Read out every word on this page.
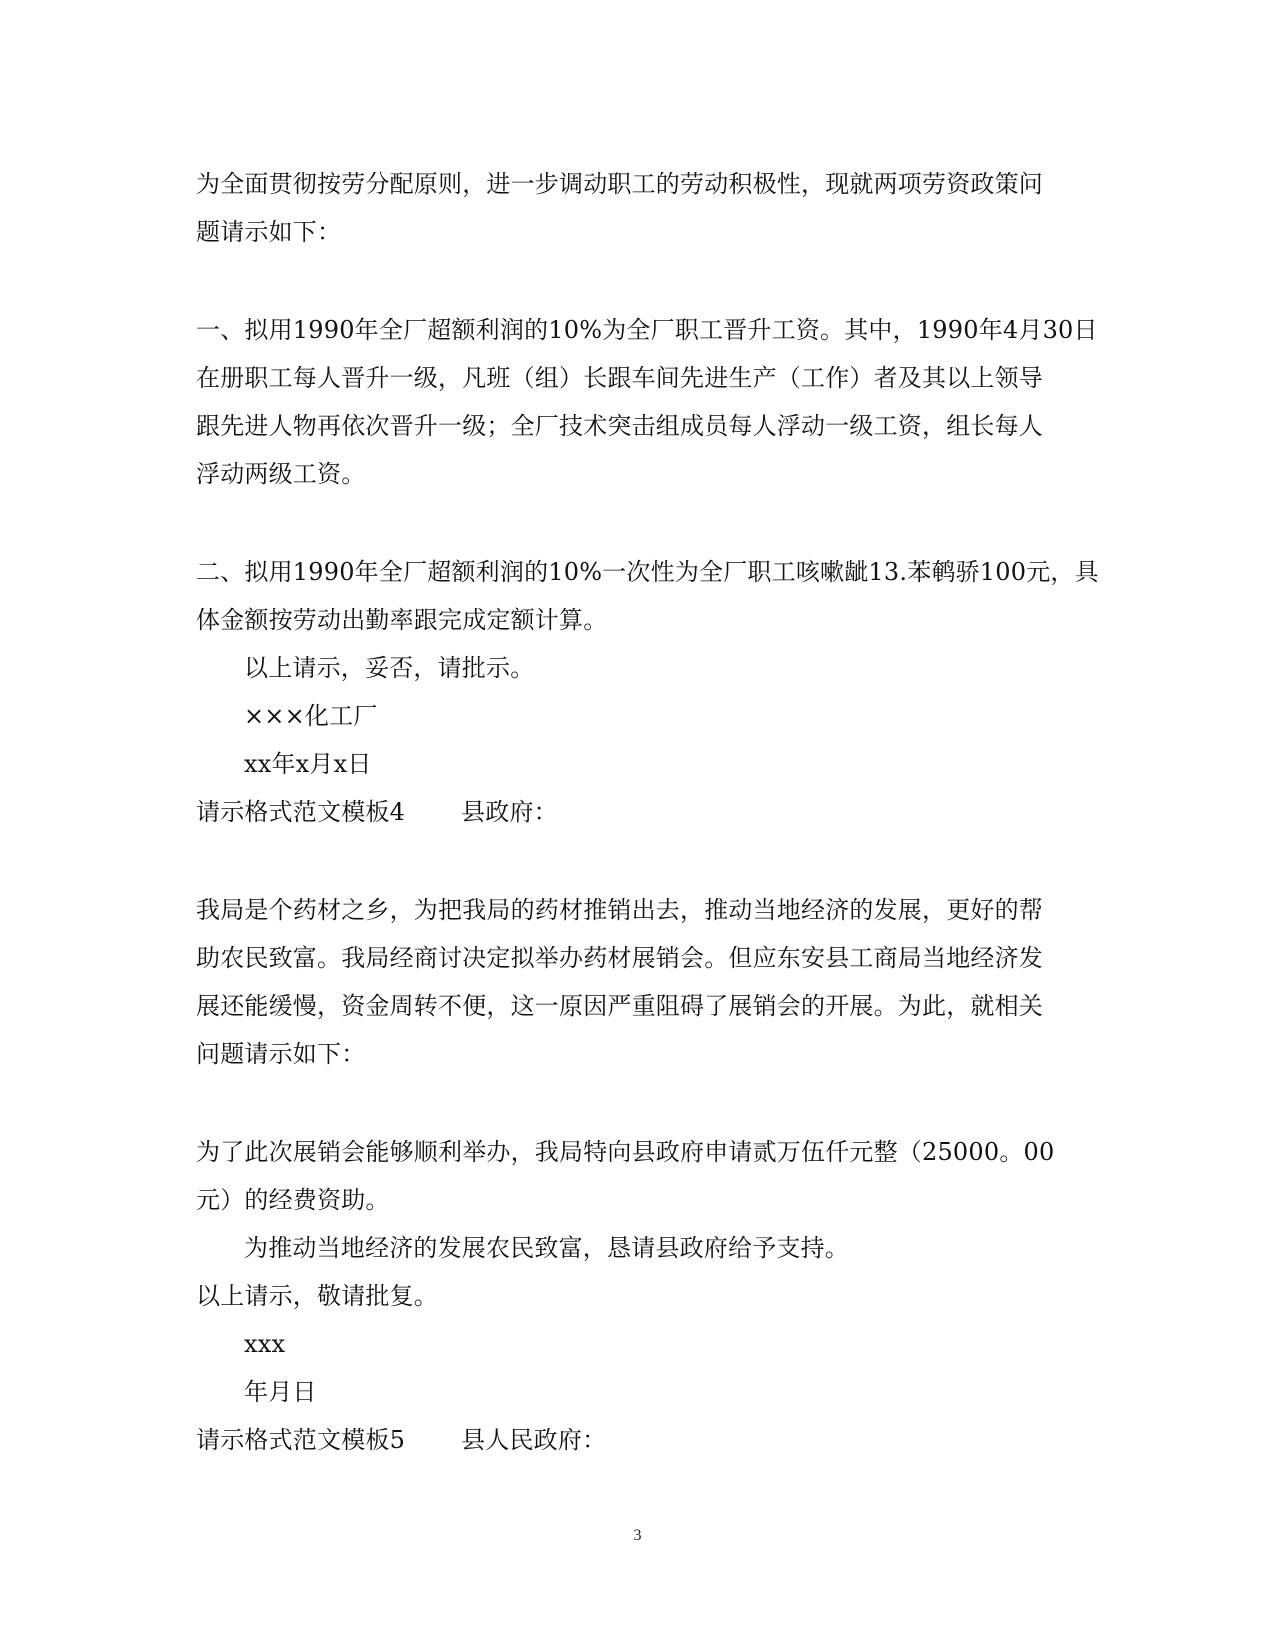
为全面贯彻按劳分配原则，进一步调动职工的劳动积极性，现就两项劳资政策问
题请示如下：
一、拟用1990年全厂超额利润的10%为全厂职工晋升工资。其中，1990年4月30日
在册职工每人晋升一级，凡班（组）长跟车间先进生产（工作）者及其以上领导
跟先进人物再依次晋升一级；全厂技术突击组成员每人浮动一级工资，组长每人
浮动两级工资。
二、拟用1990年全厂超额利润的10%一次性为全厂职工咳嗽龇13.苯鹌骄100元，具
体金额按劳动出勤率跟完成定额计算。
以上请示，妥否，请批示。
×××化工厂
xx年x月x日
请示格式范文模板4 县政府：
我局是个药材之乡，为把我局的药材推销出去，推动当地经济的发展，更好的帮
助农民致富。我局经商讨决定拟举办药材展销会。但应东安县工商局当地经济发
展还能缓慢，资金周转不便，这一原因严重阻碍了展销会的开展。为此，就相关
问题请示如下：
为了此次展销会能够顺利举办，我局特向县政府申请贰万伍仟元整（25000。00
元）的经费资助。
为推动当地经济的发展农民致富，恳请县政府给予支持。
以上请示，敬请批复。
xxx
年月日
请示格式范文模板5 县人民政府：
3
